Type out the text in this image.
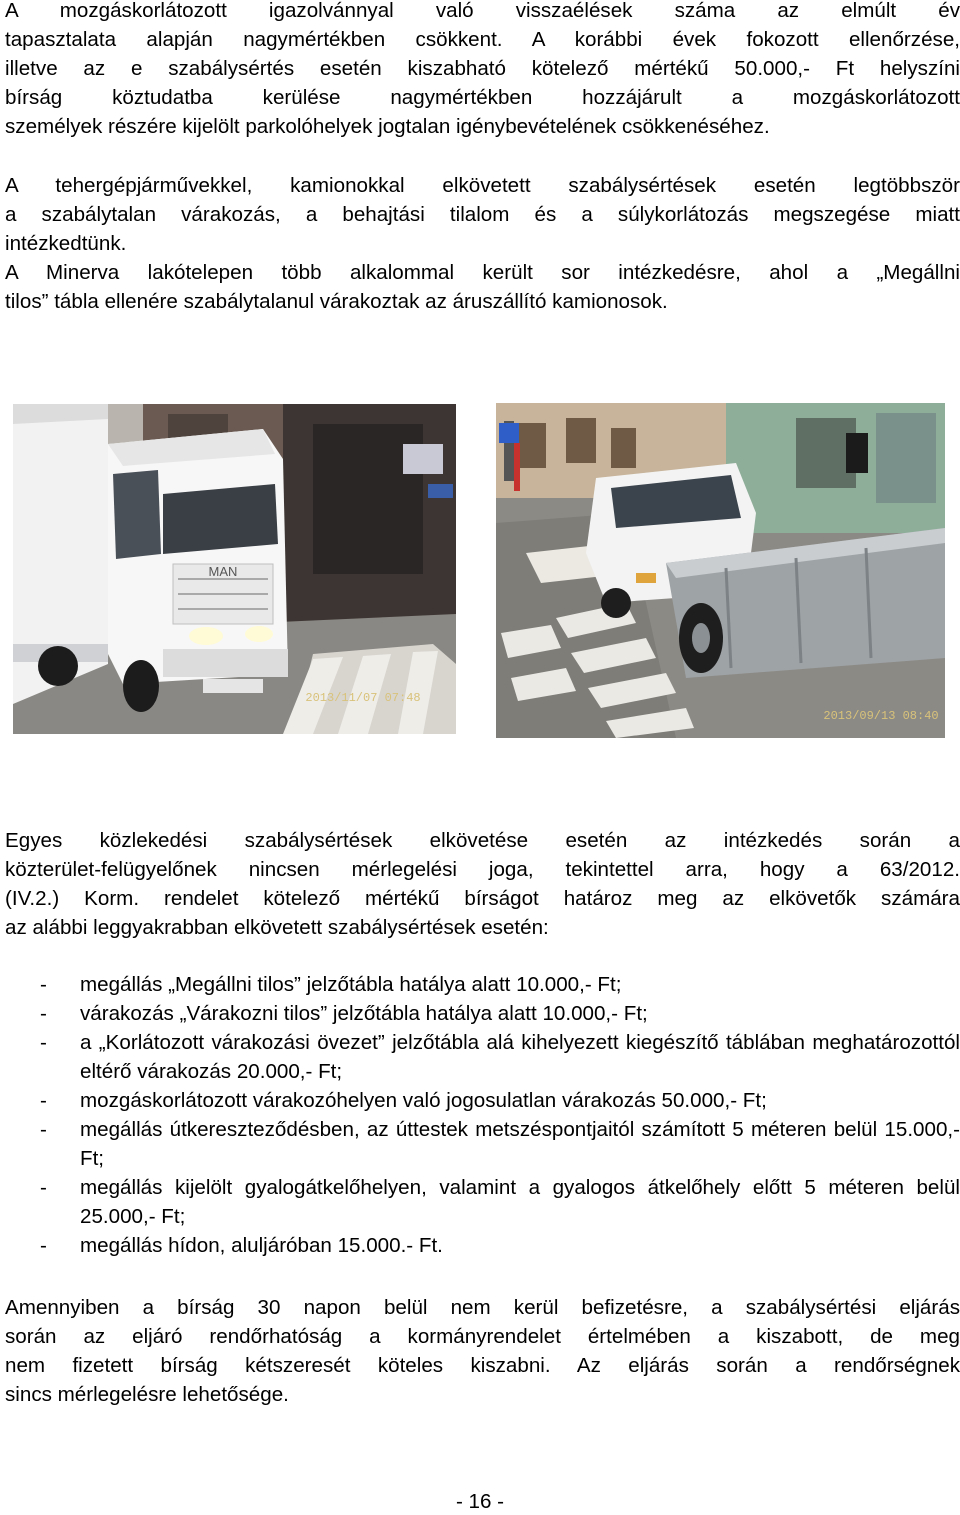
A mozgáskorlátozott igazolvánnyal való visszaélések száma az elmúlt év
tapasztalata alapján nagymértékben csökkent. A korábbi évek fokozott ellenőrzése,
illetve az e szabálysértés esetén kiszabható kötelező mértékű 50.000,- Ft helyszíni
bírság köztudatba kerülése nagymértékben hozzájárult a mozgáskorlátozott
személyek részére kijelölt parkolóhelyek jogtalan igénybevételének csökkenéséhez.
A tehergépjárművekkel, kamionokkal elkövetett szabálysértések esetén legtöbbször
a szabálytalan várakozás, a behajtási tilalom és a súlykorlátozás megszegése miatt
intézkedtünk.
A Minerva lakótelepen több alkalommal került sor intézkedésre, ahol a „Megállni
tilos” tábla ellenére szabálytalanul várakoztak az áruszállító kamionosok.
MAN
2013/11/07 07:48
2013/09/13 08:40
Egyes közlekedési szabálysértések elkövetése esetén az intézkedés során a
közterület-felügyelőnek nincsen mérlegelési joga, tekintettel arra, hogy a 63/2012.
(IV.2.) Korm. rendelet kötelező mértékű bírságot határoz meg az elkövetők számára
az alábbi leggyakrabban elkövetett szabálysértések esetén:
-	megállás „Megállni tilos” jelzőtábla hatálya alatt 10.000,- Ft;
-	várakozás „Várakozni tilos” jelzőtábla hatálya alatt 10.000,- Ft;
-	a „Korlátozott várakozási övezet” jelzőtábla alá kihelyezett kiegészítő táblában meghatározottól eltérő várakozás 20.000,- Ft;
-	mozgáskorlátozott várakozóhelyen való jogosulatlan várakozás 50.000,- Ft;
-	megállás útkereszteződésben, az úttestek metszéspontjaitól számított 5 méteren belül 15.000,- Ft;
-	megállás kijelölt gyalogátkelőhelyen, valamint a gyalogos átkelőhely előtt 5 méteren belül 25.000,- Ft;
-	megállás hídon, aluljáróban 15.000.- Ft.
Amennyiben a bírság 30 napon belül nem kerül befizetésre, a szabálysértési eljárás
során az eljáró rendőrhatóság a kormányrendelet értelmében a kiszabott, de meg
nem fizetett bírság kétszeresét köteles kiszabni. Az eljárás során a rendőrségnek
sincs mérlegelésre lehetősége.
- 16 -
